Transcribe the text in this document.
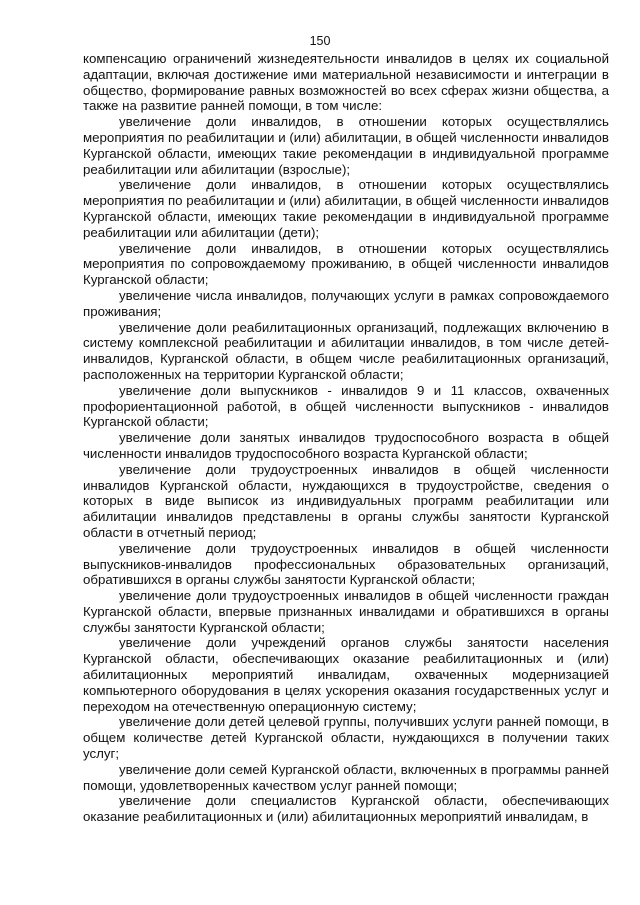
150

компенсацию ограничений жизнедеятельности инвалидов в целях их социальной адаптации, включая достижение ими материальной независимости и интеграции в общество, формирование равных возможностей во всех сферах жизни общества, а также на развитие ранней помощи, в том числе:

увеличение доли инвалидов, в отношении которых осуществлялись мероприятия по реабилитации и (или) абилитации, в общей численности инвалидов Курганской области, имеющих такие рекомендации в индивидуальной программе реабилитации или абилитации (взрослые);

увеличение доли инвалидов, в отношении которых осуществлялись мероприятия по реабилитации и (или) абилитации, в общей численности инвалидов Курганской области, имеющих такие рекомендации в индивидуальной программе реабилитации или абилитации (дети);

увеличение доли инвалидов, в отношении которых осуществлялись мероприятия по сопровождаемому проживанию, в общей численности инвалидов Курганской области;

увеличение числа инвалидов, получающих услуги в рамках сопровождаемого проживания;

увеличение доли реабилитационных организаций, подлежащих включению в систему комплексной реабилитации и абилитации инвалидов, в том числе детей-инвалидов, Курганской области, в общем числе реабилитационных организаций, расположенных на территории Курганской области;

увеличение доли выпускников - инвалидов 9 и 11 классов, охваченных профориентационной работой, в общей численности выпускников - инвалидов Курганской области;

увеличение доли занятых инвалидов трудоспособного возраста в общей численности инвалидов трудоспособного возраста Курганской области;

увеличение доли трудоустроенных инвалидов в общей численности инвалидов Курганской области, нуждающихся в трудоустройстве, сведения о которых в виде выписок из индивидуальных программ реабилитации или абилитации инвалидов представлены в органы службы занятости Курганской области в отчетный период;

увеличение доли трудоустроенных инвалидов в общей численности выпускников-инвалидов профессиональных образовательных организаций, обратившихся в органы службы занятости Курганской области;

увеличение доли трудоустроенных инвалидов в общей численности граждан Курганской области, впервые признанных инвалидами и обратившихся в органы службы занятости Курганской области;

увеличение доли учреждений органов службы занятости населения Курганской области, обеспечивающих оказание реабилитационных и (или) абилитационных мероприятий инвалидам, охваченных модернизацией компьютерного оборудования в целях ускорения оказания государственных услуг и переходом на отечественную операционную систему;

увеличение доли детей целевой группы, получивших услуги ранней помощи, в общем количестве детей Курганской области, нуждающихся в получении таких услуг;

увеличение доли семей Курганской области, включенных в программы ранней помощи, удовлетворенных качеством услуг ранней помощи;

увеличение доли специалистов Курганской области, обеспечивающих оказание реабилитационных и (или) абилитационных мероприятий инвалидам, в
